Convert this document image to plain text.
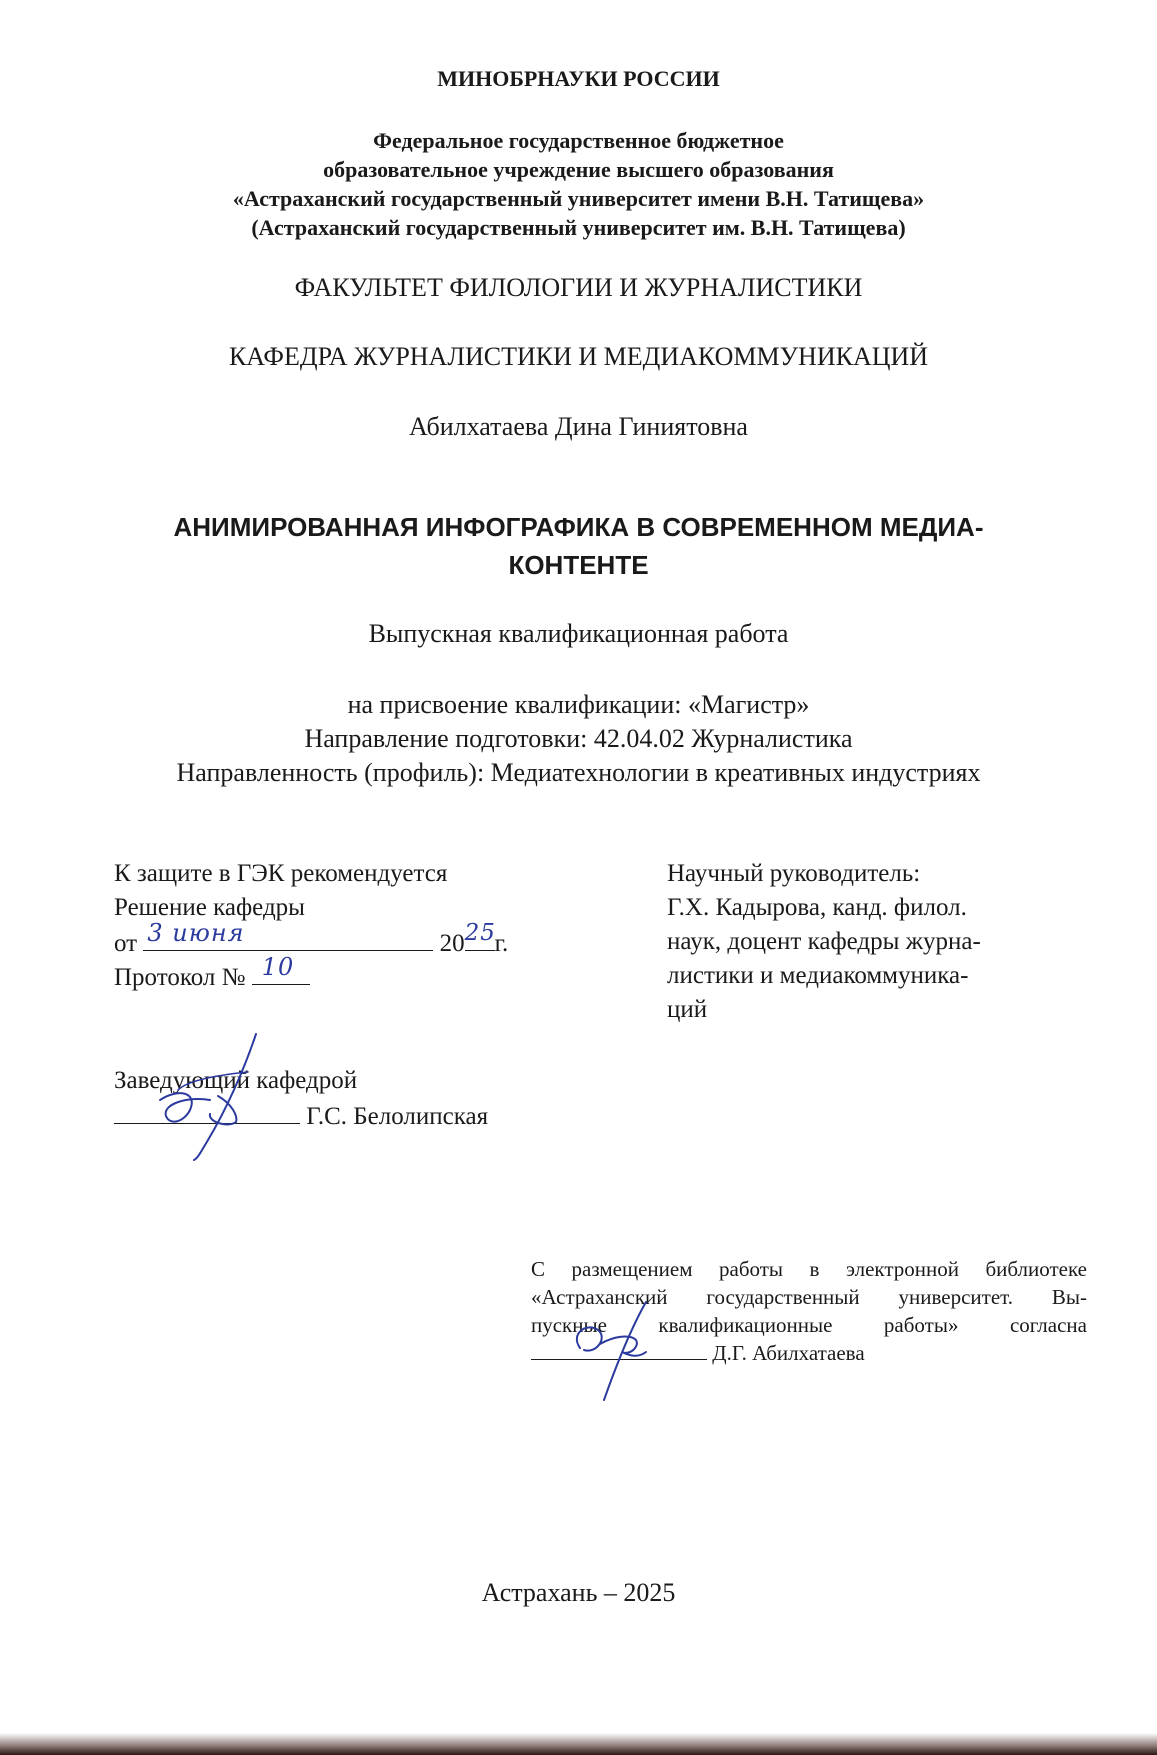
МИНОБРНАУКИ РОССИИ
Федеральное государственное бюджетное
образовательное учреждение высшего образования
«Астраханский государственный университет имени В.Н. Татищева»
(Астраханский государственный университет им. В.Н. Татищева)
ФАКУЛЬТЕТ ФИЛОЛОГИИ И ЖУРНАЛИСТИКИ
КАФЕДРА ЖУРНАЛИСТИКИ И МЕДИАКОММУНИКАЦИЙ
Абилхатаева Дина Гиниятовна
АНИМИРОВАННАЯ ИНФОГРАФИКА В СОВРЕМЕННОМ МЕДИА-
КОНТЕНТЕ
Выпускная квалификационная работа
на присвоение квалификации: «Магистр»
Направление подготовки: 42.04.02 Журналистика
Направленность (профиль): Медиатехнологии в креативных индустриях
К защите в ГЭК рекомендуется
Решение кафедры
от 3 июня	20 25
г.
Протокол № 10
Заведующий кафедрой
Г.С. Белолипская
Научный руководитель:
Г.Х. Кадырова, канд. филол.
наук, доцент кафедры журна-
листики и медиакоммуника-
ций

С размещением работы в электронной библиотеке

«Астраханский государственный университет. Вы-

пускные квалификационные работы» согласна

Д.Г. Абилхатаева

Астрахань – 2025
